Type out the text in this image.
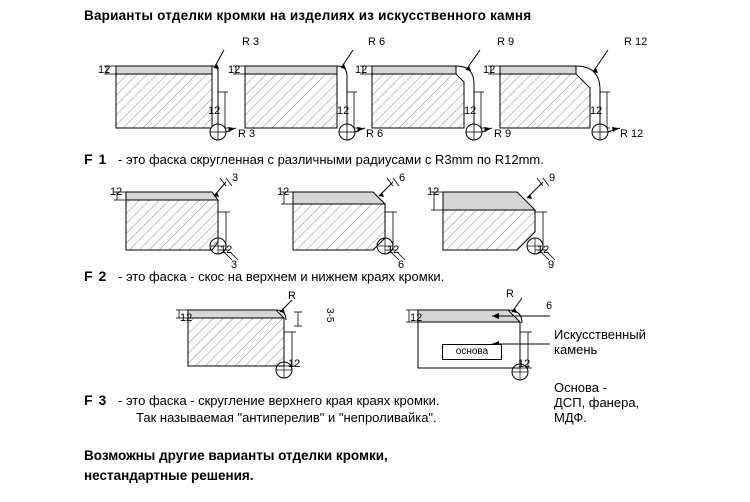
Варианты отделки кромки на изделиях из искусственного камня
12
12
R 3
R 3
12
12
R 6
R 6
12
12
R 9
R 9
12
12
R 12
R 12
F 1 - это фаска скругленная с различными радиусами с R3mm по R12mm.
12
12
3
3
12
12
6
6
12
12
9
9
F 2 - это фаска - скос на верхнем и нижнем краях кромки.
12
12
R
3-5	12
12
R
6
основа
Искусственный
камень
Основа -
ДСП, фанера,
МДФ.
F 3 - это фаска - скругление верхнего края краях кромки.
Так называемая "антиперелив" и "непроливайка".
Возможны другие варианты отделки кромки,
нестандартные решения.
